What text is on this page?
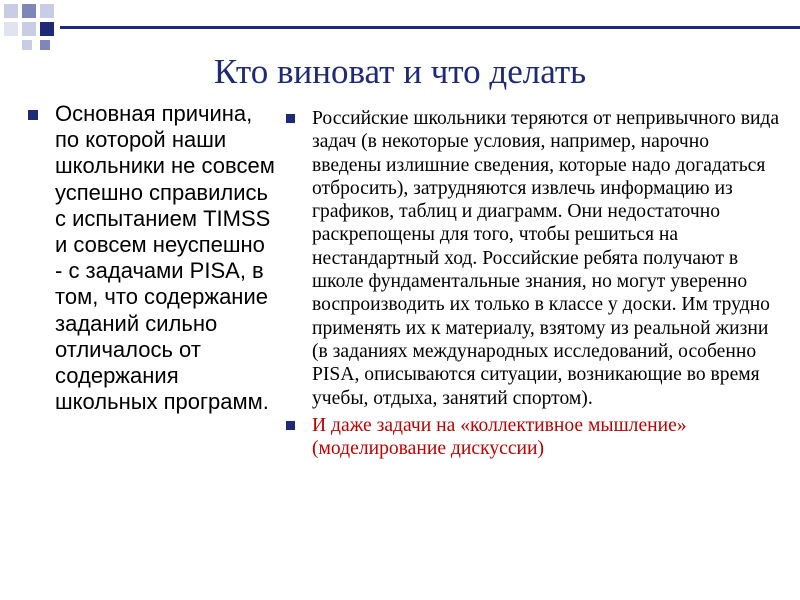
Кто виноват и что делать
Основная причина, по которой наши школьники не совсем успешно справились с испытанием TIMSS и совсем неуспешно - с задачами PISA, в том, что содержание заданий сильно отличалось от содержания школьных программ.
Российские школьники теряются от непривычного вида задач (в некоторые условия, например, нарочно введены излишние сведения, которые надо догадаться отбросить), затрудняются извлечь информацию из графиков, таблиц и диаграмм. Они недостаточно раскрепощены для того, чтобы решиться на нестандартный ход. Российские ребята получают в школе фундаментальные знания, но могут уверенно воспроизводить их только в классе у доски. Им трудно применять их к материалу, взятому из реальной жизни (в заданиях международных исследований, особенно PISA, описываются ситуации, возникающие во время учебы, отдыха, занятий спортом).
И даже задачи на «коллективное мышление» (моделирование дискуссии)
